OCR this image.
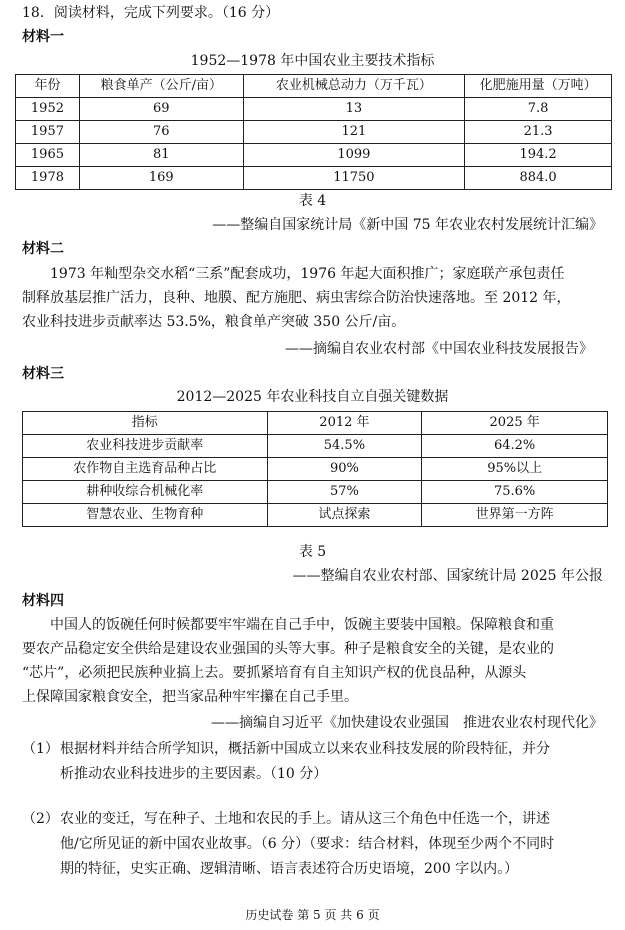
18．阅读材料，完成下列要求。（16 分）
材料一
1952—1978 年中国农业主要技术指标
年份	粮食单产（公斤/亩）	农业机械总动力（万千瓦）	化肥施用量（万吨）
1952	69	13	7.8
1957	76	121	21.3
1965	81	1099	194.2
1978	169	11750	884.0
表 4
——整编自国家统计局《新中国 75 年农业农村发展统计汇编》
材料二
1973 年籼型杂交水稻“三系”配套成功，1976 年起大面积推广；家庭联产承包责任
制释放基层推广活力，良种、地膜、配方施肥、病虫害综合防治快速落地。至 2012 年，
农业科技进步贡献率达 53.5%，粮食单产突破 350 公斤/亩。
——摘编自农业农村部《中国农业科技发展报告》
材料三
2012—2025 年农业科技自立自强关键数据
指标	2012 年	2025 年
农业科技进步贡献率	54.5%	64.2%
农作物自主选育品种占比	90%	95%以上
耕种收综合机械化率	57%	75.6%
智慧农业、生物育种	试点探索	世界第一方阵
表 5
——整编自农业农村部、国家统计局 2025 年公报
材料四
中国人的饭碗任何时候都要牢牢端在自己手中，饭碗主要装中国粮。保障粮食和重
要农产品稳定安全供给是建设农业强国的头等大事。种子是粮食安全的关键，是农业的
“芯片”，必须把民族种业搞上去。要抓紧培育有自主知识产权的优良品种，从源头
上保障国家粮食安全，把当家品种牢牢攥在自己手里。
——摘编自习近平《加快建设农业强国　推进农业农村现代化》
（1） 根据材料并结合所学知识，概括新中国成立以来农业科技发展的阶段特征，并分
析推动农业科技进步的主要因素。（10 分）
（2） 农业的变迁，写在种子、土地和农民的手上。请从这三个角色中任选一个，讲述
他/它所见证的新中国农业故事。（6 分）（要求：结合材料，体现至少两个不同时
期的特征，史实正确、逻辑清晰、语言表述符合历史语境，200 字以内。）
历史试卷 第 5 页 共 6 页
